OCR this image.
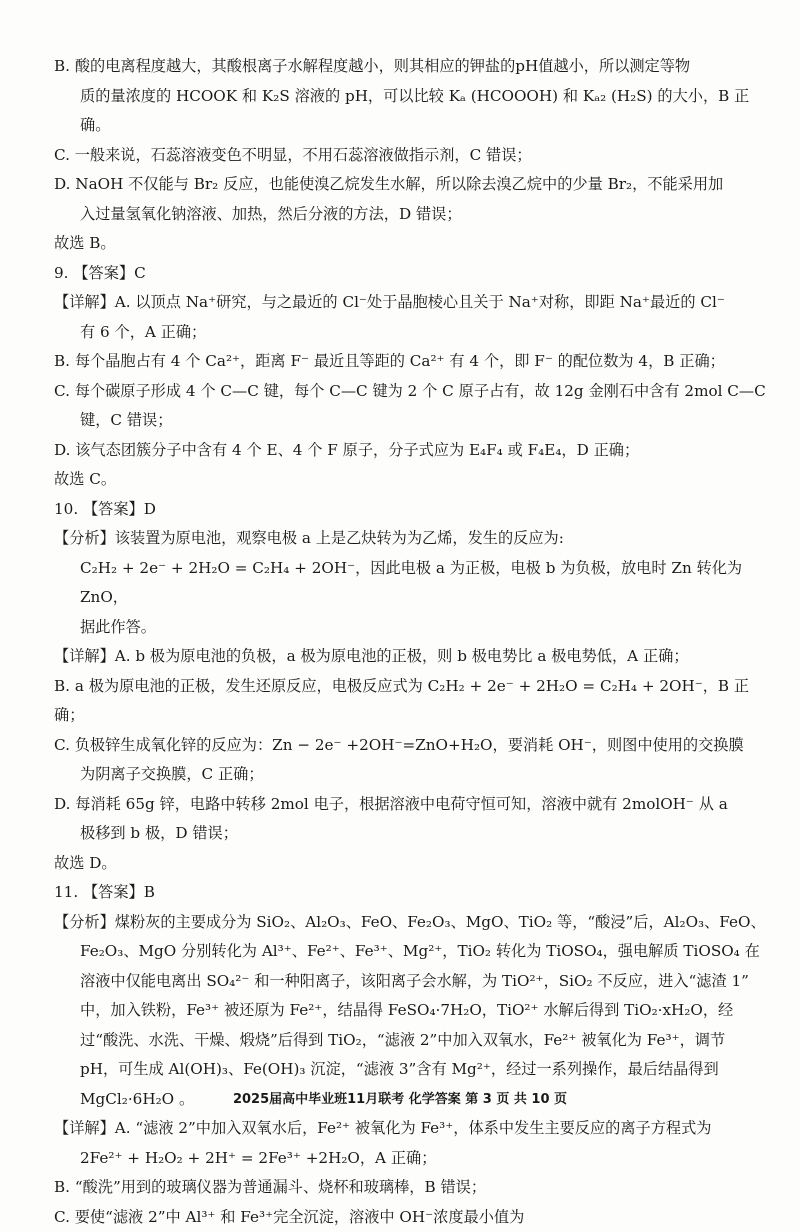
B. 酸的电离程度越大，其酸根离子水解程度越小，则其相应的钾盐的pH值越小，所以测定等物

质的量浓度的 HCOOK 和 K₂S 溶液的 pH，可以比较 Kₐ (HCOOOH) 和 Kₐ₂ (H₂S) 的大小，B 正

确。

C. 一般来说，石蕊溶液变色不明显，不用石蕊溶液做指示剂，C 错误；

D. NaOH 不仅能与 Br₂ 反应，也能使溴乙烷发生水解，所以除去溴乙烷中的少量 Br₂，不能采用加

入过量氢氧化钠溶液、加热，然后分液的方法，D 错误；

故选 B。

9. 【答案】C

【详解】A. 以顶点 Na⁺研究，与之最近的 Cl⁻处于晶胞棱心且关于 Na⁺对称，即距 Na⁺最近的 Cl⁻

有 6 个，A 正确；

B. 每个晶胞占有 4 个 Ca²⁺，距离 F⁻ 最近且等距的 Ca²⁺ 有 4 个，即 F⁻ 的配位数为 4，B 正确；

C. 每个碳原子形成 4 个 C—C 键，每个 C—C 键为 2 个 C 原子占有，故 12g 金刚石中含有 2mol C—C

键，C 错误；

D. 该气态团簇分子中含有 4 个 E、4 个 F 原子，分子式应为 E₄F₄ 或 F₄E₄，D 正确；

故选 C。

10. 【答案】D

【分析】该装置为原电池，观察电极 a 上是乙炔转为为乙烯，发生的反应为:

C₂H₂ + 2e⁻ + 2H₂O = C₂H₄ + 2OH⁻，因此电极 a 为正极，电极 b 为负极，放电时 Zn 转化为 ZnO，

据此作答。

【详解】A. b 极为原电池的负极，a 极为原电池的正极，则 b 极电势比 a 极电势低，A 正确；

B. a 极为原电池的正极，发生还原反应，电极反应式为 C₂H₂ + 2e⁻ + 2H₂O = C₂H₄ + 2OH⁻，B 正确；

C. 负极锌生成氧化锌的反应为：Zn − 2e⁻ +2OH⁻=ZnO+H₂O，要消耗 OH⁻，则图中使用的交换膜

为阴离子交换膜，C 正确；

D. 每消耗 65g 锌，电路中转移 2mol 电子，根据溶液中电荷守恒可知，溶液中就有 2molOH⁻ 从 a

极移到 b 极，D 错误；

故选 D。

11. 【答案】B

【分析】煤粉灰的主要成分为 SiO₂、Al₂O₃、FeO、Fe₂O₃、MgO、TiO₂ 等，“酸浸”后，Al₂O₃、FeO、

Fe₂O₃、MgO 分别转化为 Al³⁺、Fe²⁺、Fe³⁺、Mg²⁺，TiO₂ 转化为 TiOSO₄，强电解质 TiOSO₄ 在

溶液中仅能电离出 SO₄²⁻ 和一种阳离子，该阳离子会水解，为 TiO²⁺，SiO₂ 不反应，进入“滤渣 1”

中，加入铁粉，Fe³⁺ 被还原为 Fe²⁺，结晶得 FeSO₄·7H₂O，TiO²⁺ 水解后得到 TiO₂·xH₂O，经

过“酸洗、水洗、干燥、煅烧”后得到 TiO₂，“滤液 2”中加入双氧水，Fe²⁺ 被氧化为 Fe³⁺，调节

pH，可生成 Al(OH)₃、Fe(OH)₃ 沉淀，“滤液 3”含有 Mg²⁺，经过一系列操作，最后结晶得到

MgCl₂·6H₂O 。

【详解】A. “滤液 2”中加入双氧水后，Fe²⁺ 被氧化为 Fe³⁺，体系中发生主要反应的离子方程式为

2Fe²⁺ + H₂O₂ + 2H⁺ = 2Fe³⁺ +2H₂O，A 正确；

B. “酸洗”用到的玻璃仪器为普通漏斗、烧杯和玻璃棒，B 错误；

C. 要使“滤液 2”中 Al³⁺ 和 Fe³⁺完全沉淀，溶液中 OH⁻浓度最小值为

2025届高中毕业班11月联考 化学答案 第 3 页 共 10 页
